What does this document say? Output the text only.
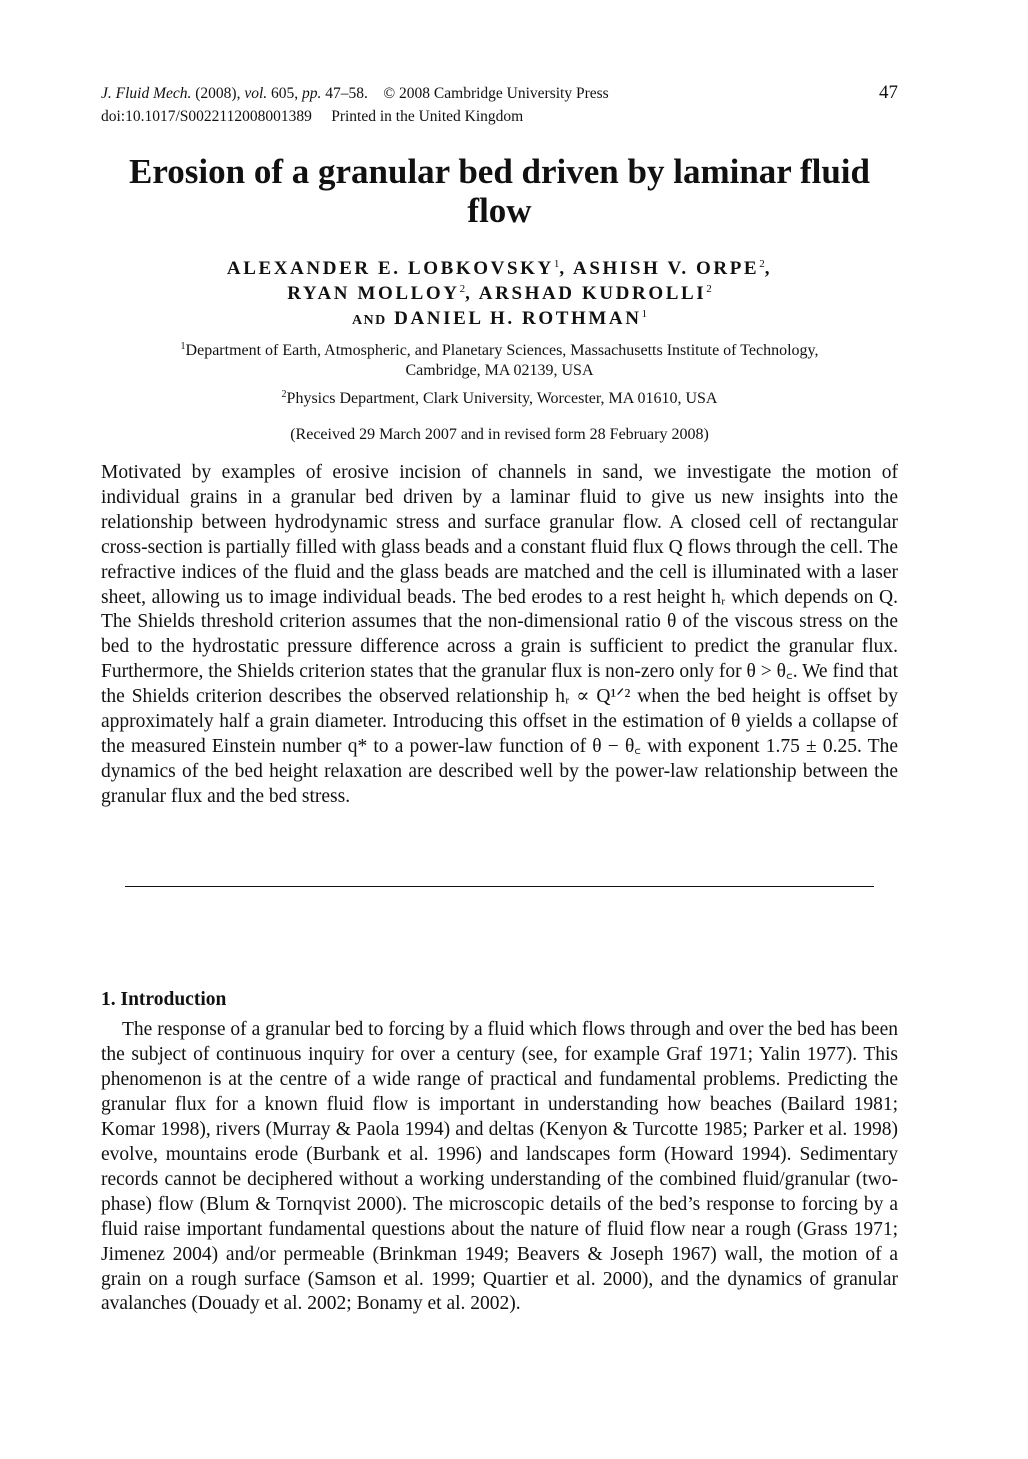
J. Fluid Mech. (2008), vol. 605, pp. 47–58. © 2008 Cambridge University Press
doi:10.1017/S0022112008001389 Printed in the United Kingdom
47
Erosion of a granular bed driven by laminar fluid flow
ALEXANDER E. LOBKOVSKY$^1$, ASHISH V. ORPE$^2$,
RYAN MOLLOY$^2$, ARSHAD KUDROLLI$^2$
AND DANIEL H. ROTHMAN$^1$
$^1$Department of Earth, Atmospheric, and Planetary Sciences, Massachusetts Institute of Technology,
Cambridge, MA 02139, USA
$^2$Physics Department, Clark University, Worcester, MA 01610, USA
(Received 29 March 2007 and in revised form 28 February 2008)

Motivated by examples of erosive incision of channels in sand, we investigate the motion of individual grains in a granular bed driven by a laminar fluid to give us new insights into the relationship between hydrodynamic stress and surface granular flow. A closed cell of rectangular cross-section is partially filled with glass beads and a constant fluid flux Q flows through the cell. The refractive indices of the fluid and the glass beads are matched and the cell is illuminated with a laser sheet, allowing us to image individual beads. The bed erodes to a rest height hᵣ which depends on Q. The Shields threshold criterion assumes that the non-dimensional ratio θ of the viscous stress on the bed to the hydrostatic pressure difference across a grain is sufficient to predict the granular flux. Furthermore, the Shields criterion states that the granular flux is non-zero only for θ > θ꜀. We find that the Shields criterion describes the observed relationship hᵣ ∝ Q¹ᐟ² when the bed height is offset by approximately half a grain diameter. Introducing this offset in the estimation of θ yields a collapse of the measured Einstein number q* to a power-law function of θ − θ꜀ with exponent 1.75 ± 0.25. The dynamics of the bed height relaxation are described well by the power-law relationship between the granular flux and the bed stress.

1. Introduction

The response of a granular bed to forcing by a fluid which flows through and over the bed has been the subject of continuous inquiry for over a century (see, for example Graf 1971; Yalin 1977). This phenomenon is at the centre of a wide range of practical and fundamental problems. Predicting the granular flux for a known fluid flow is important in understanding how beaches (Bailard 1981; Komar 1998), rivers (Murray & Paola 1994) and deltas (Kenyon & Turcotte 1985; Parker et al. 1998) evolve, mountains erode (Burbank et al. 1996) and landscapes form (Howard 1994). Sedimentary records cannot be deciphered without a working understanding of the combined fluid/granular (two-phase) flow (Blum & Tornqvist 2000). The microscopic details of the bed’s response to forcing by a fluid raise important fundamental questions about the nature of fluid flow near a rough (Grass 1971; Jimenez 2004) and/or permeable (Brinkman 1949; Beavers & Joseph 1967) wall, the motion of a grain on a rough surface (Samson et al. 1999; Quartier et al. 2000), and the dynamics of granular avalanches (Douady et al. 2002; Bonamy et al. 2002).
